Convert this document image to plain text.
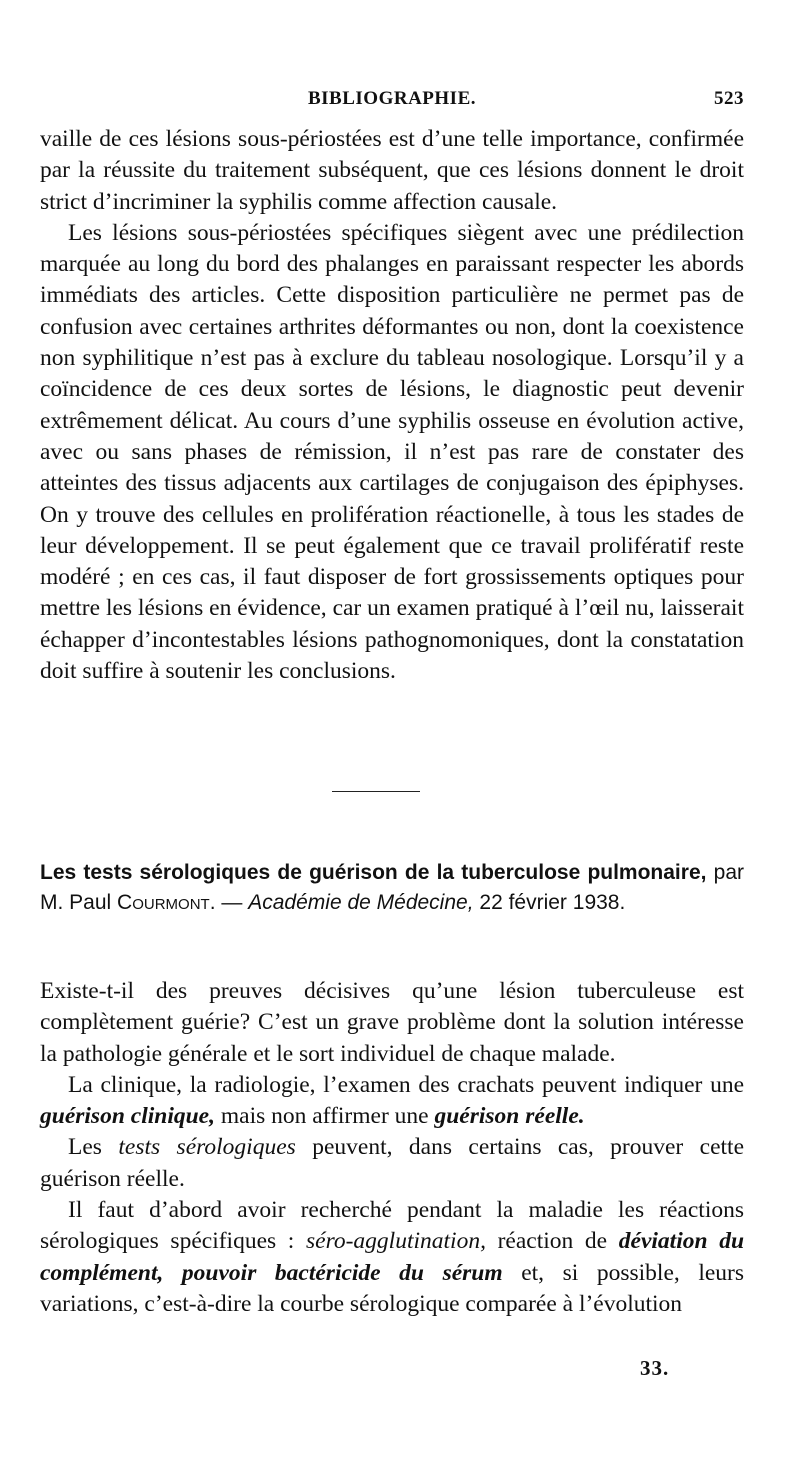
BIBLIOGRAPHIE.	523

vaille de ces lésions sous-périostées est d’une telle importance, confirmée par la réussite du traitement subséquent, que ces lésions donnent le droit strict d’incriminer la syphilis comme affection causale.

Les lésions sous-périostées spécifiques siègent avec une prédilection marquée au long du bord des phalanges en paraissant respecter les abords immédiats des articles. Cette disposition particulière ne permet pas de confusion avec certaines arthrites déformantes ou non, dont la coexistence non syphilitique n’est pas à exclure du tableau nosologique. Lorsqu’il y a coïncidence de ces deux sortes de lésions, le diagnostic peut devenir extrêmement délicat. Au cours d’une syphilis osseuse en évolution active, avec ou sans phases de rémission, il n’est pas rare de constater des atteintes des tissus adjacents aux cartilages de conjugaison des épiphyses. On y trouve des cellules en prolifération réactionelle, à tous les stades de leur développement. Il se peut également que ce travail prolifératif reste modéré ; en ces cas, il faut disposer de fort grossissements optiques pour mettre les lésions en évidence, car un examen pratiqué à l’œil nu, laisserait échapper d’incontestables lésions pathognomoniques, dont la constatation doit suffire à soutenir les conclusions.

Les tests sérologiques de guérison de la tuberculose pulmonaire, par M. Paul Courmont. — Académie de Médecine, 22 février 1938.

Existe-t-il des preuves décisives qu’une lésion tuberculeuse est complètement guérie? C’est un grave problème dont la solution intéresse la pathologie générale et le sort individuel de chaque malade.

La clinique, la radiologie, l’examen des crachats peuvent indiquer une guérison clinique, mais non affirmer une guérison réelle.

Les tests sérologiques peuvent, dans certains cas, prouver cette guérison réelle.

Il faut d’abord avoir recherché pendant la maladie les réactions sérologiques spécifiques : séro-agglutination, réaction de déviation du complément, pouvoir bactéricide du sérum et, si possible, leurs variations, c’est-à-dire la courbe sérologique comparée à l’évolution

33.
